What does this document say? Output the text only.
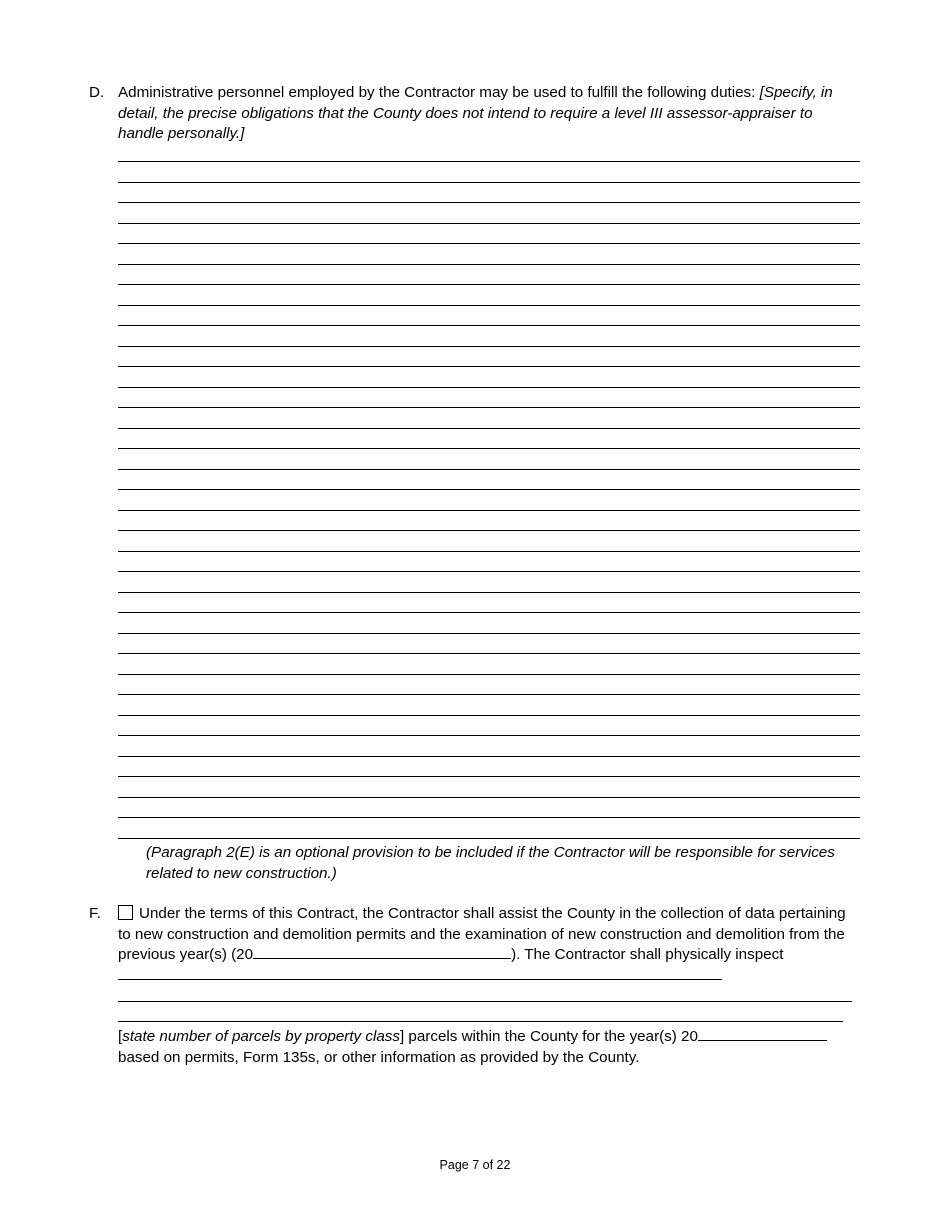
D. Administrative personnel employed by the Contractor may be used to fulfill the following duties: [Specify, in detail, the precise obligations that the County does not intend to require a level III assessor-appraiser to handle personally.]
(Paragraph 2(E) is an optional provision to be included if the Contractor will be responsible for services related to new construction.)
F.	Under the terms of this Contract, the Contractor shall assist the County in the collection of data pertaining to new construction and demolition permits and the examination of new construction and demolition from the previous year(s) (20	). The Contractor shall physically inspect
[state number of parcels by property class] parcels within the County for the year(s) 20
based on permits, Form 135s, or other information as provided by the County.
Page 7 of 22
